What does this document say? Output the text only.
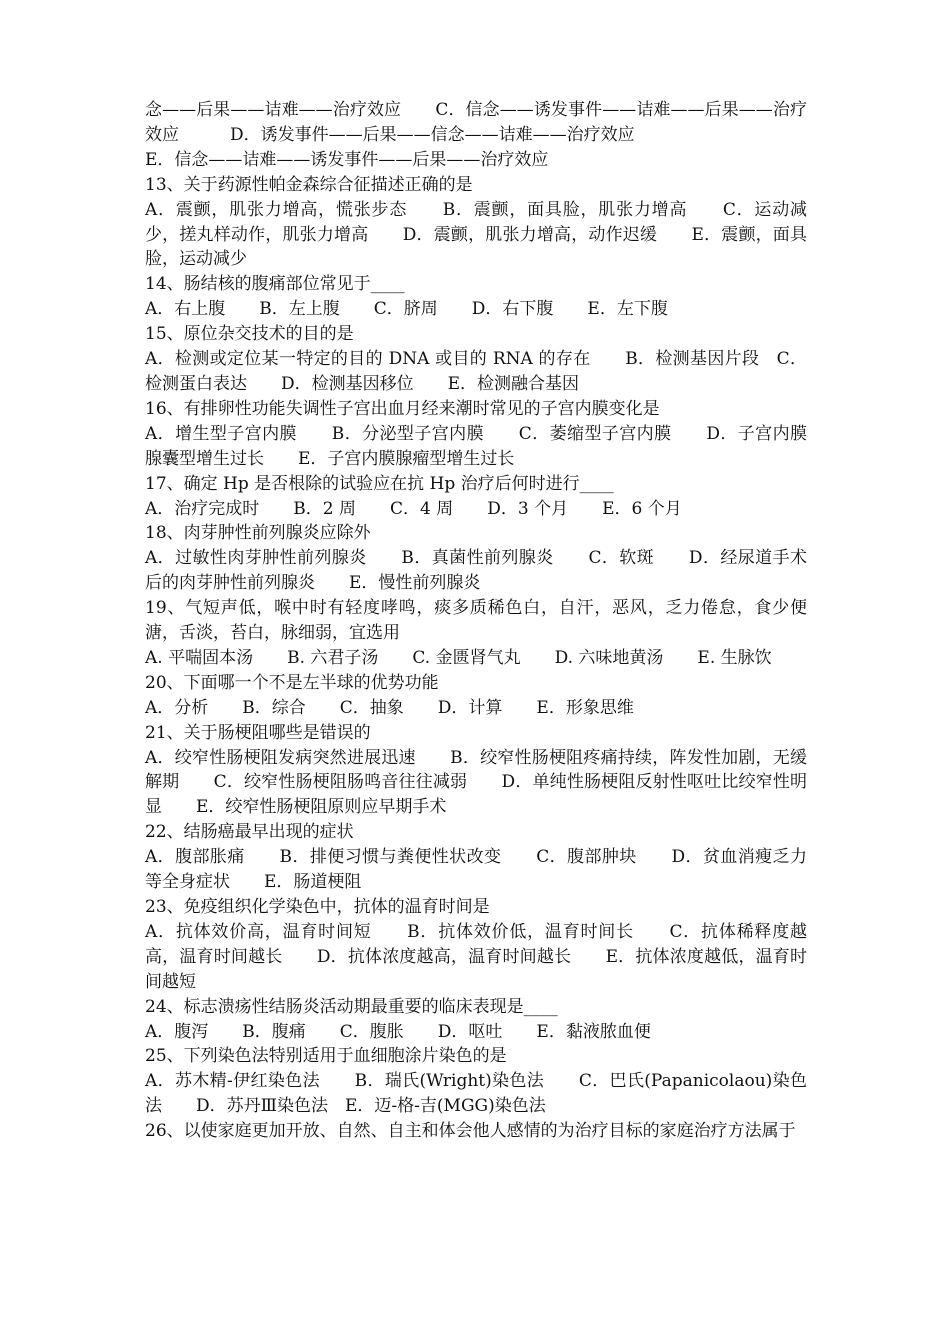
念——后果——诘难——治疗效应　　C．信念——诱发事件——诘难——后果——治疗效应　　　D．诱发事件——后果——信念——诘难——治疗效应

E．信念——诘难——诱发事件——后果——治疗效应

13、关于药源性帕金森综合征描述正确的是

A．震颤，肌张力增高，慌张步态　　B．震颤，面具脸，肌张力增高　　C．运动减少，搓丸样动作，肌张力增高　　D．震颤，肌张力增高，动作迟缓　　E．震颤，面具脸，运动减少

14、肠结核的腹痛部位常见于____

A．右上腹　　B．左上腹　　C．脐周　　D．右下腹　　E．左下腹

15、原位杂交技术的目的是

A．检测或定位某一特定的目的 DNA 或目的 RNA 的存在　　B．检测基因片段　C．检测蛋白表达　　D．检测基因移位　　E．检测融合基因

16、有排卵性功能失调性子宫出血月经来潮时常见的子宫内膜变化是

A．增生型子宫内膜　　B．分泌型子宫内膜　　C．萎缩型子宫内膜　　D．子宫内膜腺囊型增生过长　　E．子宫内膜腺瘤型增生过长

17、确定 Hp 是否根除的试验应在抗 Hp 治疗后何时进行____

A．治疗完成时　　B．2 周　　C．4 周　　D．3 个月　　E．6 个月

18、肉芽肿性前列腺炎应除外

A．过敏性肉芽肿性前列腺炎　　B．真菌性前列腺炎　　C．软斑　　D．经尿道手术后的肉芽肿性前列腺炎　　E．慢性前列腺炎

19、气短声低，喉中时有轻度哮鸣，痰多质稀色白，自汗，恶风，乏力倦怠，食少便溏，舌淡，苔白，脉细弱，宜选用

A. 平喘固本汤　　B. 六君子汤　　C. 金匮肾气丸　　D. 六味地黄汤　　E. 生脉饮

20、下面哪一个不是左半球的优势功能

A．分析　　B．综合　　C．抽象　　D．计算　　E．形象思维

21、关于肠梗阻哪些是错误的

A．绞窄性肠梗阻发病突然进展迅速　　B．绞窄性肠梗阻疼痛持续，阵发性加剧，无缓解期　　C．绞窄性肠梗阻肠鸣音往往减弱　　D．单纯性肠梗阻反射性呕吐比绞窄性明显　　E．绞窄性肠梗阻原则应早期手术

22、结肠癌最早出现的症状

A．腹部胀痛　　B．排便习惯与粪便性状改变　　C．腹部肿块　　D．贫血消瘦乏力等全身症状　　E．肠道梗阻

23、免疫组织化学染色中，抗体的温育时间是

A．抗体效价高，温育时间短　　B．抗体效价低，温育时间长　　C．抗体稀释度越高，温育时间越长　　D．抗体浓度越高，温育时间越长　　E．抗体浓度越低，温育时间越短

24、标志溃疡性结肠炎活动期最重要的临床表现是____

A．腹泻　　B．腹痛　　C．腹胀　　D．呕吐　　E．黏液脓血便

25、下列染色法特别适用于血细胞涂片染色的是

A．苏木精-伊红染色法　　B．瑞氏(Wright)染色法　　C．巴氏(Papanicolaou)染色法　　D．苏丹Ⅲ染色法　E．迈-格-吉(MGG)染色法

26、以使家庭更加开放、自然、自主和体会他人感情的为治疗目标的家庭治疗方法属于
